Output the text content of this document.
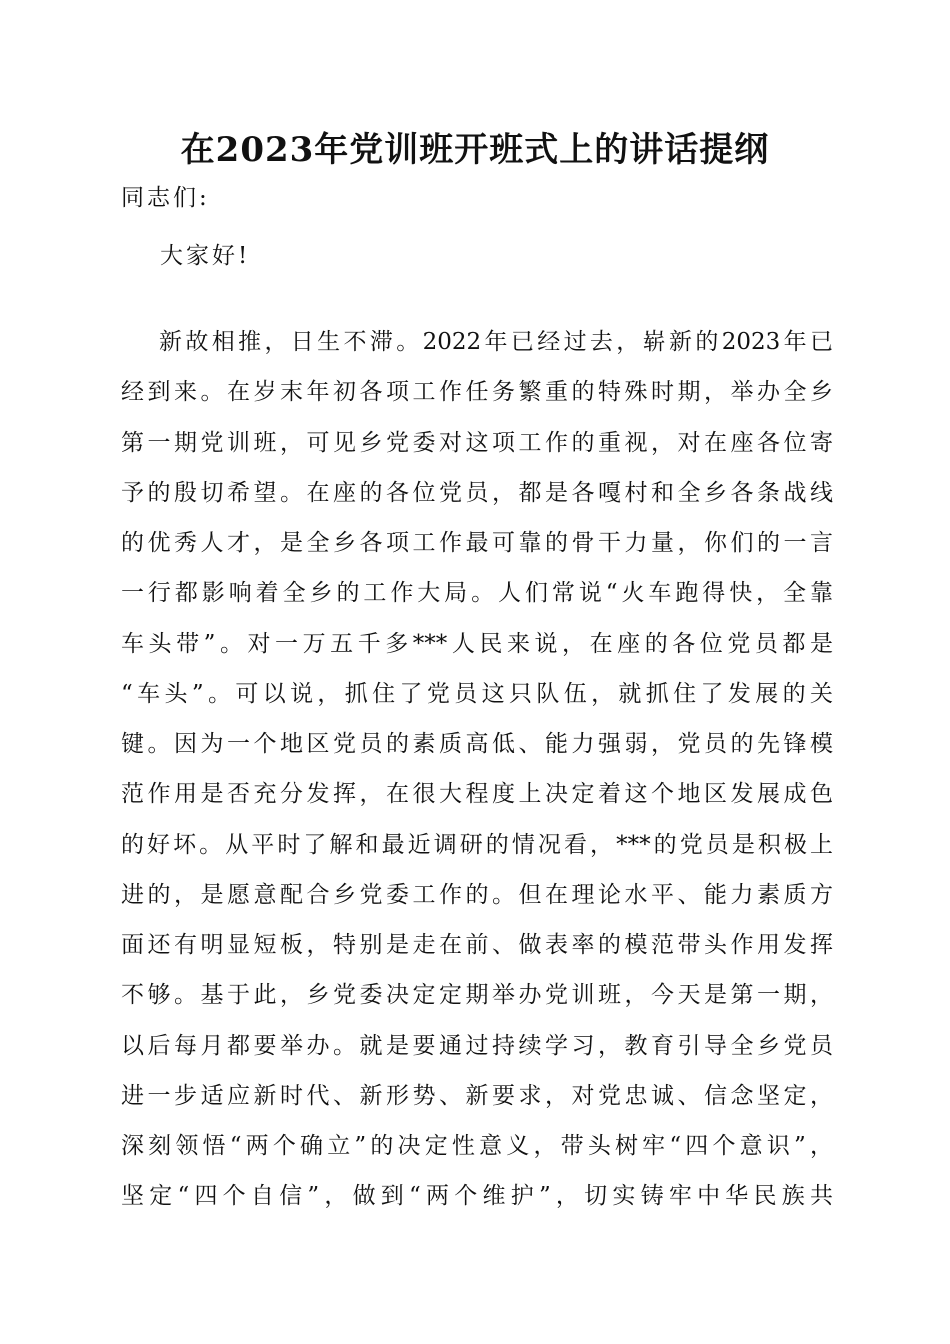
在2023年党训班开班式上的讲话提纲
同志们:
大家好!
新故相推，日生不滞。2022年已经过去，崭新的2023年已
经到来。在岁末年初各项工作任务繁重的特殊时期，举办全乡
第一期党训班，可见乡党委对这项工作的重视，对在座各位寄
予的殷切希望。在座的各位党员，都是各嘎村和全乡各条战线
的优秀人才，是全乡各项工作最可靠的骨干力量，你们的一言
一行都影响着全乡的工作大局。人们常说“火车跑得快，全靠
车头带”。对一万五千多***人民来说，在座的各位党员都是
“车头”。可以说，抓住了党员这只队伍，就抓住了发展的关
键。因为一个地区党员的素质高低、能力强弱，党员的先锋模
范作用是否充分发挥，在很大程度上决定着这个地区发展成色
的好坏。从平时了解和最近调研的情况看，***的党员是积极上
进的，是愿意配合乡党委工作的。但在理论水平、能力素质方
面还有明显短板，特别是走在前、做表率的模范带头作用发挥
不够。基于此，乡党委决定定期举办党训班，今天是第一期，
以后每月都要举办。就是要通过持续学习，教育引导全乡党员
进一步适应新时代、新形势、新要求，对党忠诚、信念坚定，
深刻领悟“两个确立”的决定性意义，带头树牢“四个意识”，
坚定“四个自信”，做到“两个维护”，切实铸牢中华民族共
